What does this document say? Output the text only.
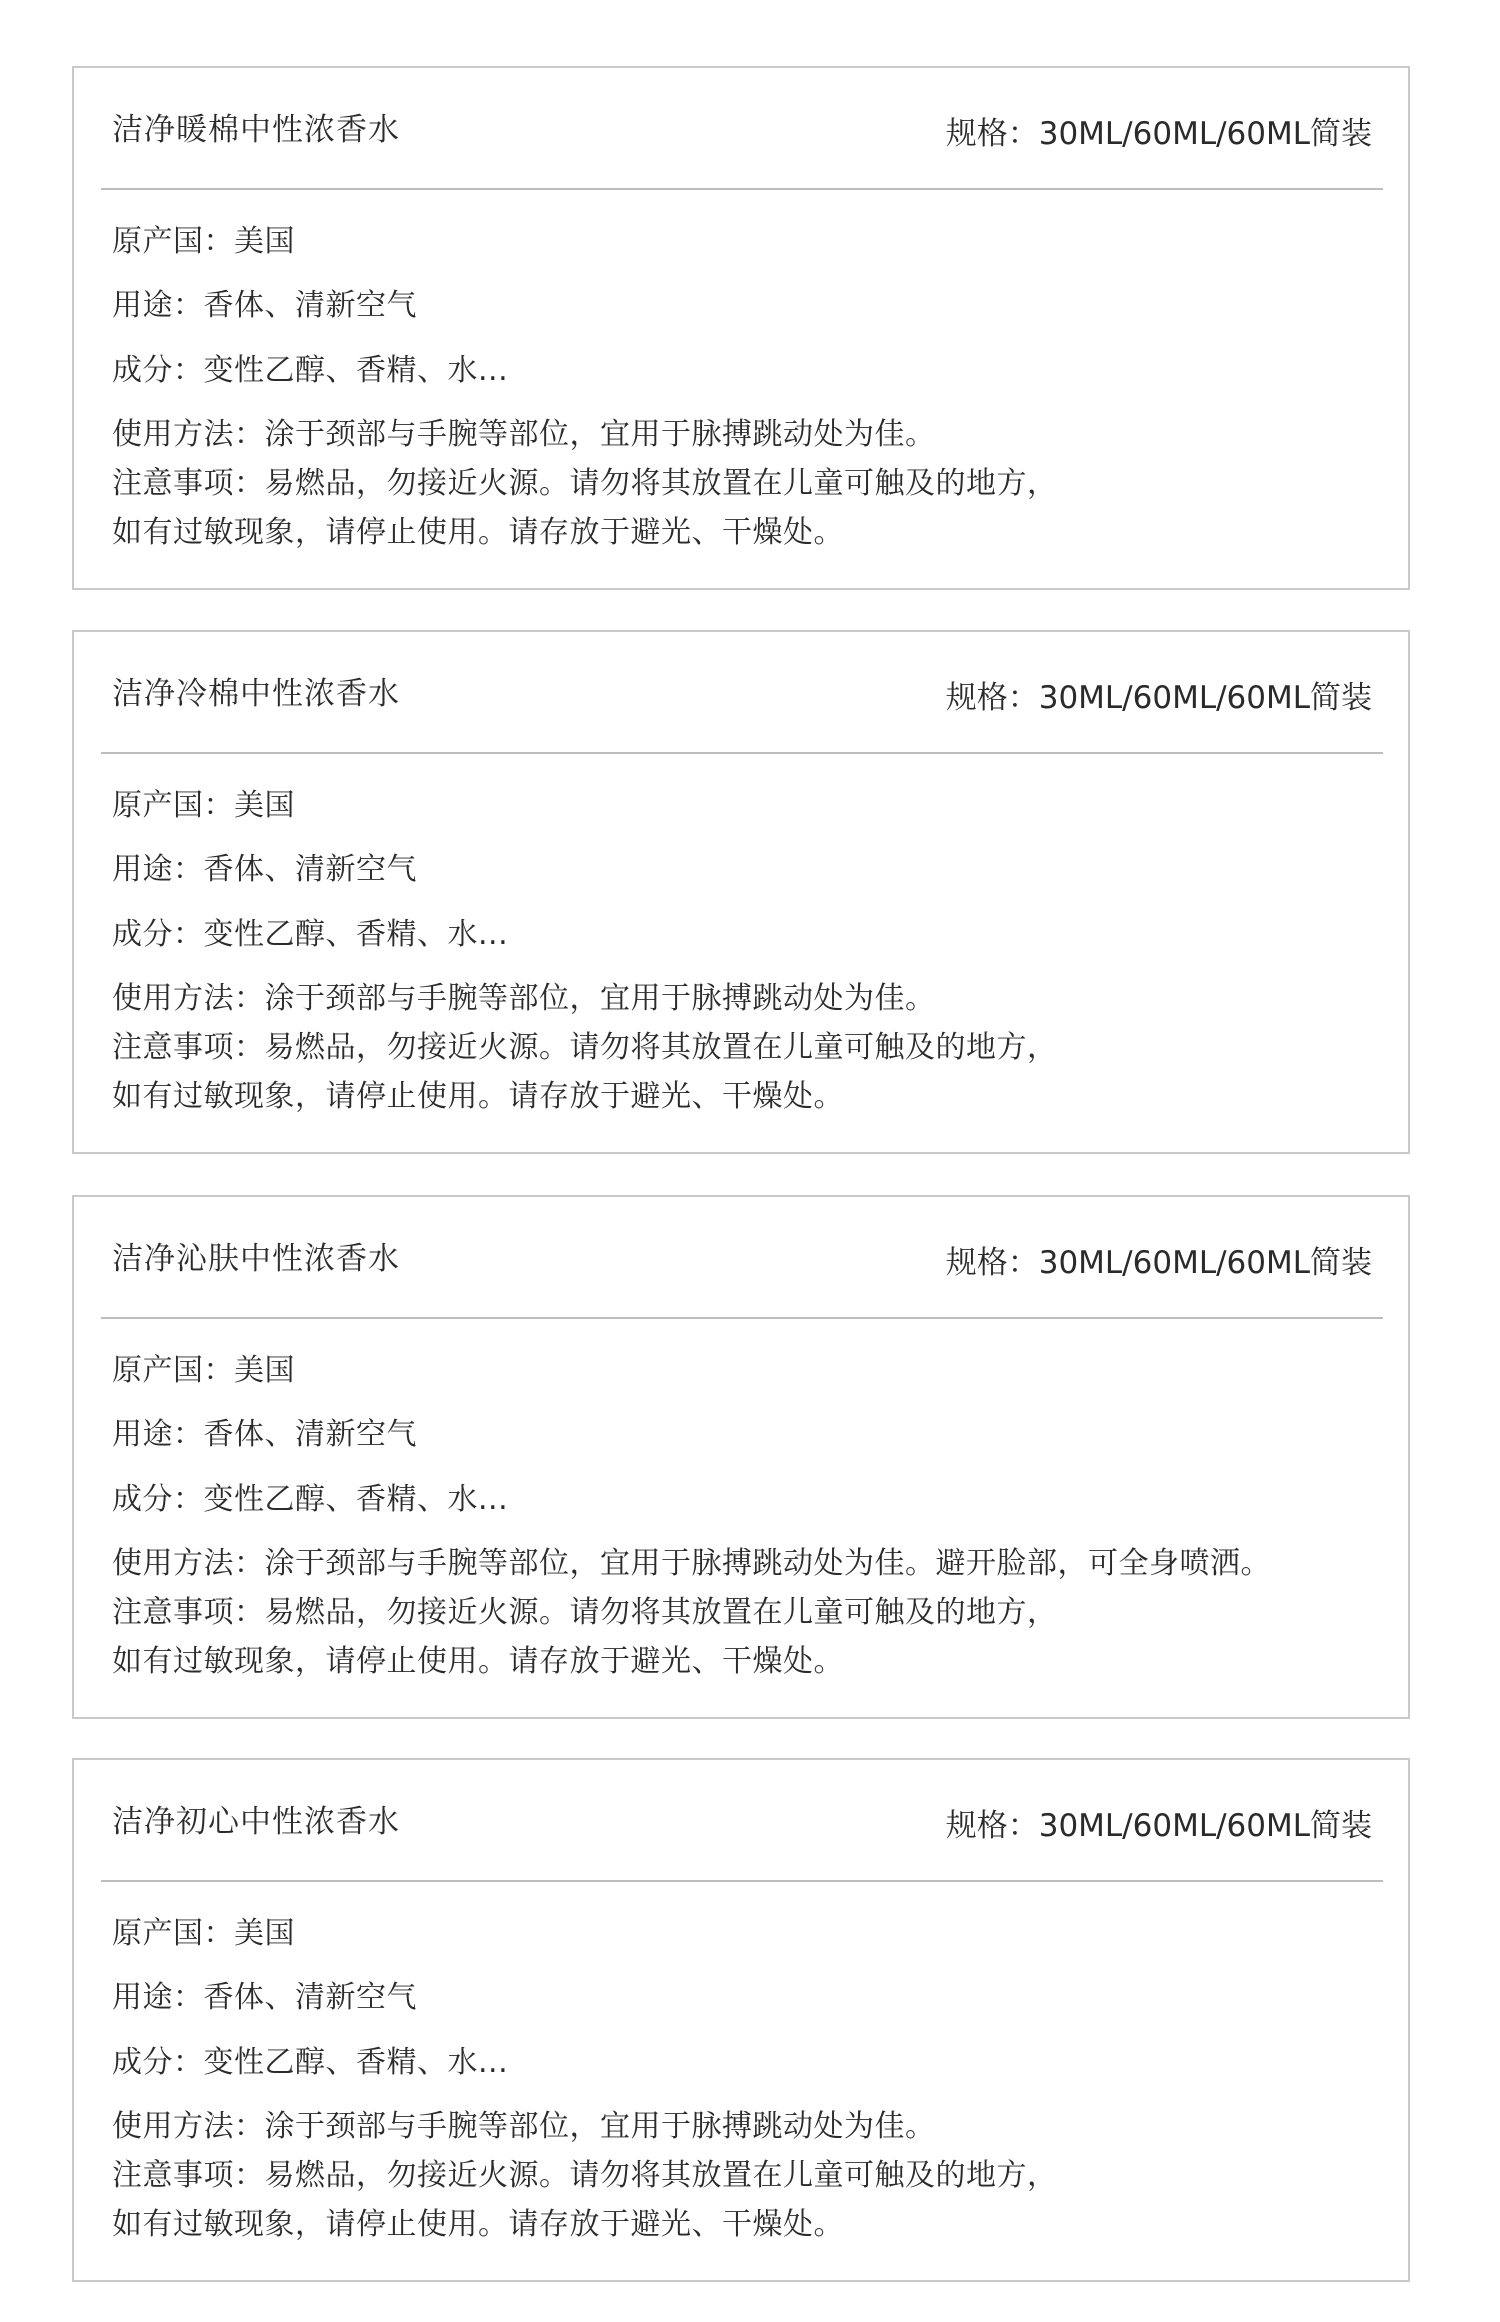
洁净暖棉中性浓香水	规格：30ML/60ML/60ML简装
原产国：美国
用途：香体、清新空气
成分：变性乙醇、香精、水...
使用方法：涂于颈部与手腕等部位，宜用于脉搏跳动处为佳。
注意事项：易燃品，勿接近火源。请勿将其放置在儿童可触及的地方，
如有过敏现象，请停止使用。请存放于避光、干燥处。
洁净冷棉中性浓香水	规格：30ML/60ML/60ML简装
原产国：美国
用途：香体、清新空气
成分：变性乙醇、香精、水...
使用方法：涂于颈部与手腕等部位，宜用于脉搏跳动处为佳。
注意事项：易燃品，勿接近火源。请勿将其放置在儿童可触及的地方，
如有过敏现象，请停止使用。请存放于避光、干燥处。
洁净沁肤中性浓香水	规格：30ML/60ML/60ML简装
原产国：美国
用途：香体、清新空气
成分：变性乙醇、香精、水...
使用方法：涂于颈部与手腕等部位，宜用于脉搏跳动处为佳。避开脸部，可全身喷洒。
注意事项：易燃品，勿接近火源。请勿将其放置在儿童可触及的地方，
如有过敏现象，请停止使用。请存放于避光、干燥处。
洁净初心中性浓香水	规格：30ML/60ML/60ML简装
原产国：美国
用途：香体、清新空气
成分：变性乙醇、香精、水...
使用方法：涂于颈部与手腕等部位，宜用于脉搏跳动处为佳。
注意事项：易燃品，勿接近火源。请勿将其放置在儿童可触及的地方，
如有过敏现象，请停止使用。请存放于避光、干燥处。
